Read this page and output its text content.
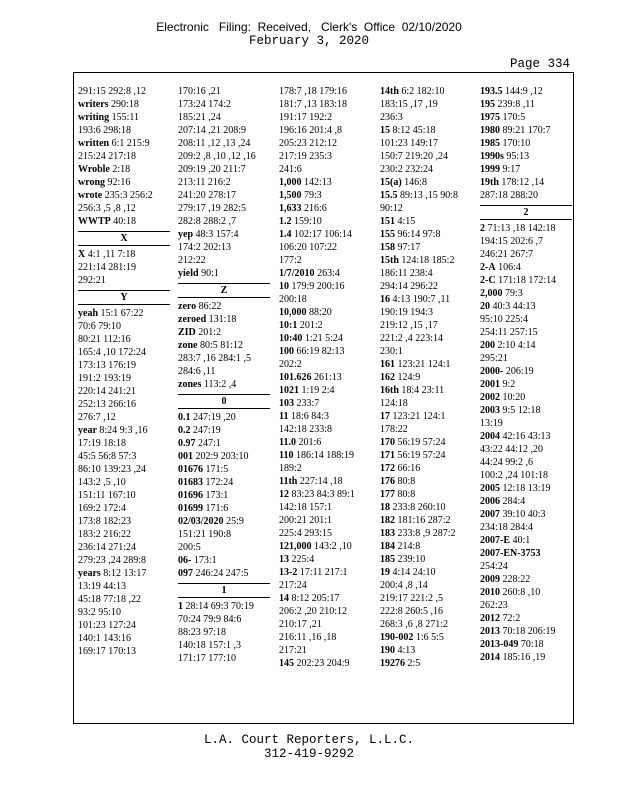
Electronic   Filing:  Received,   Clerk's  Office  02/10/2020
February 3, 2020
Page 334
291:15 292:8 ,12
writers 290:18
writing 155:11
193:6 298:18
written 6:1 215:9
215:24 217:18
Wroble 2:18
wrong 92:16
wrote 235:3 256:2
256:3 ,5 ,8 ,12
WWTP 40:18
X
X 4:1 ,11 7:18
221:14 281:19
292:21
Y
yeah 15:1 67:22
70:6 79:10
80:21 112:16
165:4 ,10 172:24
173:13 176:19
191:2 193:19
220:14 241:21
252:13 266:16
276:7 ,12
year 8:24 9:3 ,16
17:19 18:18
45:5 56:8 57:3
86:10 139:23 ,24
143:2 ,5 ,10
151:11 167:10
169:2 172:4
173:8 182:23
183:2 216:22
236:14 271:24
279:23 ,24 289:8
years 8:12 13:17
13:19 44:13
45:18 77:18 ,22
93:2 95:10
101:23 127:24
140:1 143:16
169:17 170:13
170:16 ,21
173:24 174:2
185:21 ,24
207:14 ,21 208:9
208:11 ,12 ,13 ,24
209:2 ,8 ,10 ,12 ,16
209:19 ,20 211:7
213:11 216:2
241:20 278:17
279:17 ,19 282:5
282:8 288:2 ,7
yep 48:3 157:4
174:2 202:13
212:22
yield 90:1
Z
zero 86:22
zeroed 131:18
ZID 201:2
zone 80:5 81:12
283:7 ,16 284:1 ,5
284:6 ,11
zones 113:2 ,4
0
0.1 247:19 ,20
0.2 247:19
0.97 247:1
001 202:9 203:10
01676 171:5
01683 172:24
01696 173:1
01699 171:6
02/03/2020 25:9
151:21 190:8
200:5
06- 173:1
097 246:24 247:5
1
1 28:14 69:3 70:19
70:24 79:9 84:6
88:23 97:18
140:18 157:1 ,3
171:17 177:10
178:7 ,18 179:16
181:7 ,13 183:18
191:17 192:2
196:16 201:4 ,8
205:23 212:12
217:19 235:3
241:6
1,000 142:13
1,500 79:3
1,633 216:6
1.2 159:10
1.4 102:17 106:14
106:20 107:22
177:2
1/7/2010 263:4
10 179:9 200:16
200:18
10,000 88:20
10:1 201:2
10:40 1:21 5:24
100 66:19 82:13
202:2
101.626 261:13
1021 1:19 2:4
103 233:7
11 18:6 84:3
142:18 233:8
11.0 201:6
110 186:14 188:19
189:2
11th 227:14 ,18
12 83:23 84:3 89:1
142:18 157:1
200:21 201:1
225:4 293:15
121,000 143:2 ,10
13 225:4
13-2 17:11 217:1
217:24
14 8:12 205:17
206:2 ,20 210:12
210:17 ,21
216:11 ,16 ,18
217:21
145 202:23 204:9
14th 6:2 182:10
183:15 ,17 ,19
236:3
15 8:12 45:18
101:23 149:17
150:7 219:20 ,24
230:2 232:24
15(a) 146:8
15.5 89:13 ,15 90:8
90:12
151 4:15
155 96:14 97:8
158 97:17
15th 124:18 185:2
186:11 238:4
294:14 296:22
16 4:13 190:7 ,11
190:19 194:3
219:12 ,15 ,17
221:2 ,4 223:14
230:1
161 123:21 124:1
162 124:9
16th 18:4 23:11
124:18
17 123:21 124:1
178:22
170 56:19 57:24
171 56:19 57:24
172 66:16
176 80:8
177 80:8
18 233:8 260:10
182 181:16 287:2
183 233:8 ,9 287:2
184 214:8
185 239:10
19 4:14 24:10
200:4 ,8 ,14
219:17 221:2 ,5
222:8 260:5 ,16
268:3 ,6 ,8 271:2
190-002 1:6 5:5
190 4:13
19276 2:5
193.5 144:9 ,12
195 239:8 ,11
1975 170:5
1980 89:21 170:7
1985 170:10
1990s 95:13
1999 9:17
19th 178:12 ,14
287:18 288:20
2
2 71:13 ,18 142:18
194:15 202:6 ,7
246:21 267:7
2-A 106:4
2-C 171:18 172:14
2,000 79:3
20 40:3 44:13
95:10 225:4
254:11 257:15
200 2:10 4:14
295:21
2000- 206:19
2001 9:2
2002 10:20
2003 9:5 12:18
13:19
2004 42:16 43:13
43:22 44:12 ,20
44:24 99:2 ,6
100:2 ,24 101:18
2005 12:18 13:19
2006 284:4
2007 39:10 40:3
234:18 284:4
2007-E 40:1
2007-EN-3753
254:24
2009 228:22
2010 260:8 ,10
262:23
2012 72:2
2013 70:18 206:19
2013-049 70:18
2014 185:16 ,19
L.A. Court Reporters, L.L.C.
312-419-9292
